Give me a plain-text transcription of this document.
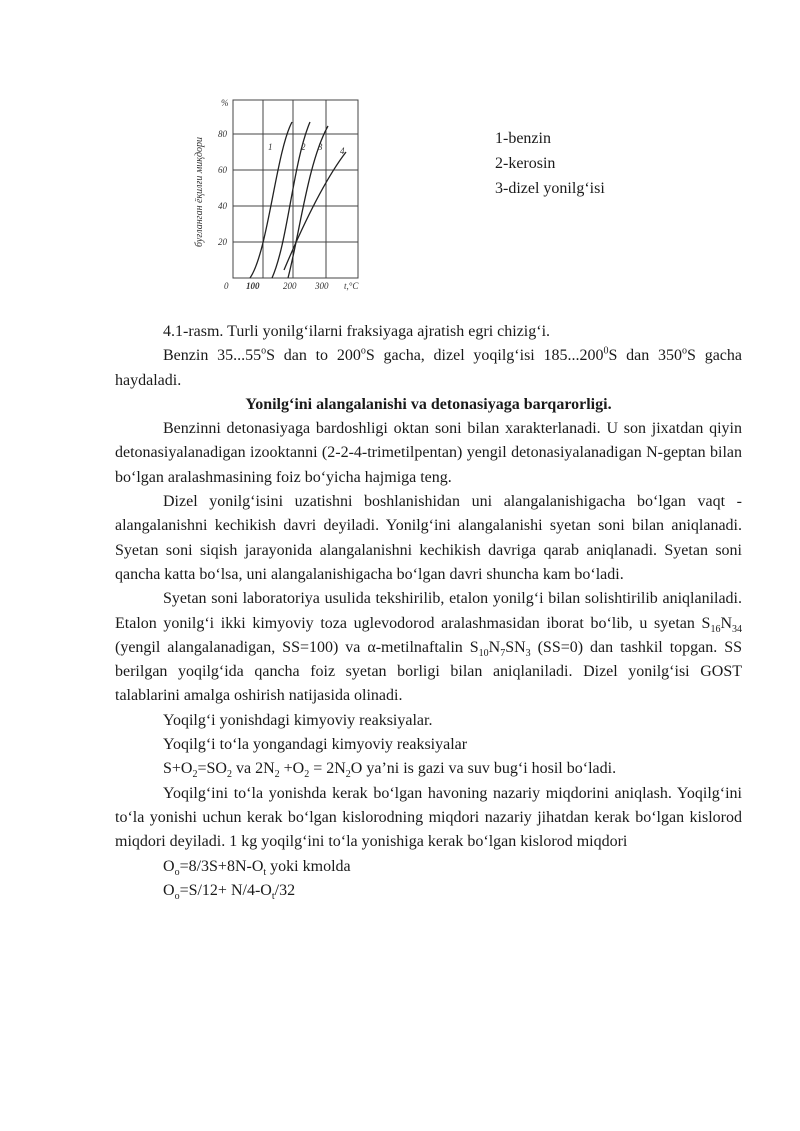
буғланган ёқилғи миқдори
%
20
40
60
80
0 100	200 300 t,°C
1	2 3 4
1-benzin
2-kerosin
3-dizel yonilg‘isi

4.1-rasm. Turli yonilg‘ilarni fraksiyaga ajratish egri chizig‘i.

Benzin 35...55$^o$S dan to 200$^o$S gacha, dizel yoqilg‘isi 185...200$^0$S dan 350$^o$S gacha haydaladi.

Yonilg‘ini alangalanishi va detonasiyaga barqarorligi.

Benzinni detonasiyaga bardoshligi oktan soni bilan xarakterlanadi. U son jixatdan qiyin detonasiyalanadigan izooktanni (2-2-4-trimetilpentan) yengil detonasiyalanadigan N-geptan bilan bo‘lgan aralashmasining foiz bo‘yicha hajmiga teng.

Dizel yonilg‘isini uzatishni boshlanishidan uni alangalanishigacha bo‘lgan vaqt - alangalanishni kechikish davri deyiladi. Yonilg‘ini alangalanishi syetan soni bilan aniqlanadi. Syetan soni siqish jarayonida alangalanishni kechikish davriga qarab aniqlanadi. Syetan soni qancha katta bo‘lsa, uni alangalanishigacha bo‘lgan davri shuncha kam bo‘ladi.

Syetan soni laboratoriya usulida tekshirilib, etalon yonilg‘i bilan solishtirilib aniqlaniladi. Etalon yonilg‘i ikki kimyoviy toza uglevodorod aralashmasidan iborat bo‘lib, u syetan $S_{16}N_{34}$ (yengil alangalanadigan, SS=100) va α-metilnaftalin $S_{10}N_7SN_3$ (SS=0) dan tashkil topgan. SS berilgan yoqilg‘ida qancha foiz syetan borligi bilan aniqlaniladi. Dizel yonilg‘isi GOST talablarini amalga oshirish natijasida olinadi.

Yoqilg‘i yonishdagi kimyoviy reaksiyalar.

Yoqilg‘i to‘la yongandagi kimyoviy reaksiyalar

$S+O_2=SO_2$ va $2N_2 +O_2 = 2N_2O$ ya’ni is gazi va suv bug‘i hosil bo‘ladi.

Yoqilg‘ini to‘la yonishda kerak bo‘lgan havoning nazariy miqdorini aniqlash. Yoqilg‘ini to‘la yonishi uchun kerak bo‘lgan kislorodning miqdori nazariy jihatdan kerak bo‘lgan kislorod miqdori deyiladi. 1 kg yoqilg‘ini to‘la yonishiga kerak bo‘lgan kislorod miqdori

$O_o=8/3S+8N-O_t$ yoki kmolda

$O_o=S/12+ N/4-O_t/32$
